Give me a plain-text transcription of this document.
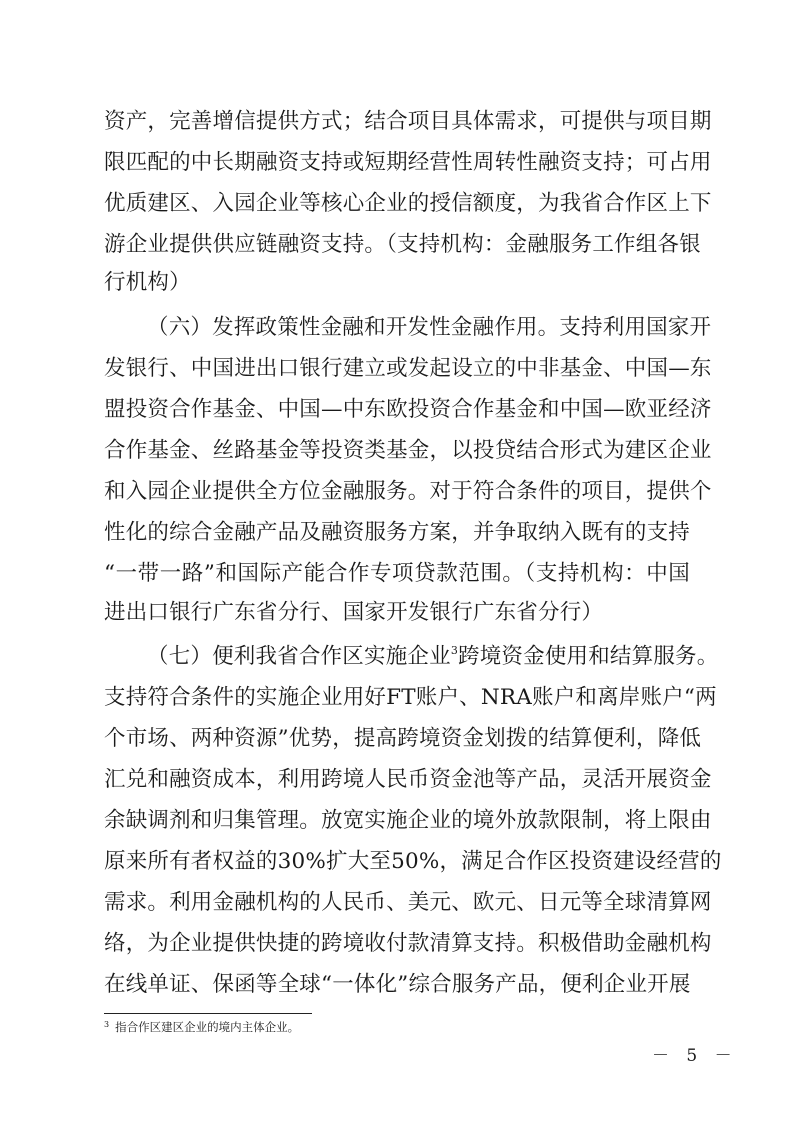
资产，完善增信提供方式；结合项目具体需求，可提供与项目期
限匹配的中长期融资支持或短期经营性周转性融资支持；可占用
优质建区、入园企业等核心企业的授信额度，为我省合作区上下
游企业提供供应链融资支持。（支持机构：金融服务工作组各银
行机构）
（六）发挥政策性金融和开发性金融作用。支持利用国家开
发银行、中国进出口银行建立或发起设立的中非基金、中国—东
盟投资合作基金、中国—中东欧投资合作基金和中国—欧亚经济
合作基金、丝路基金等投资类基金，以投贷结合形式为建区企业
和入园企业提供全方位金融服务。对于符合条件的项目，提供个
性化的综合金融产品及融资服务方案，并争取纳入既有的支持
“一带一路”和国际产能合作专项贷款范围。（支持机构：中国
进出口银行广东省分行、国家开发银行广东省分行）
（七）便利我省合作区实施企业$^3$跨境资金使用和结算服务。
支持符合条件的实施企业用好FT账户、NRA账户和离岸账户“两
个市场、两种资源”优势，提高跨境资金划拨的结算便利，降低
汇兑和融资成本，利用跨境人民币资金池等产品，灵活开展资金
余缺调剂和归集管理。放宽实施企业的境外放款限制，将上限由
原来所有者权益的30%扩大至50%，满足合作区投资建设经营的
需求。利用金融机构的人民币、美元、欧元、日元等全球清算网
络，为企业提供快捷的跨境收付款清算支持。积极借助金融机构
在线单证、保函等全球“一体化”综合服务产品，便利企业开展
$^3$ 指合作区建区企业的境内主体企业。
－ 5 －
